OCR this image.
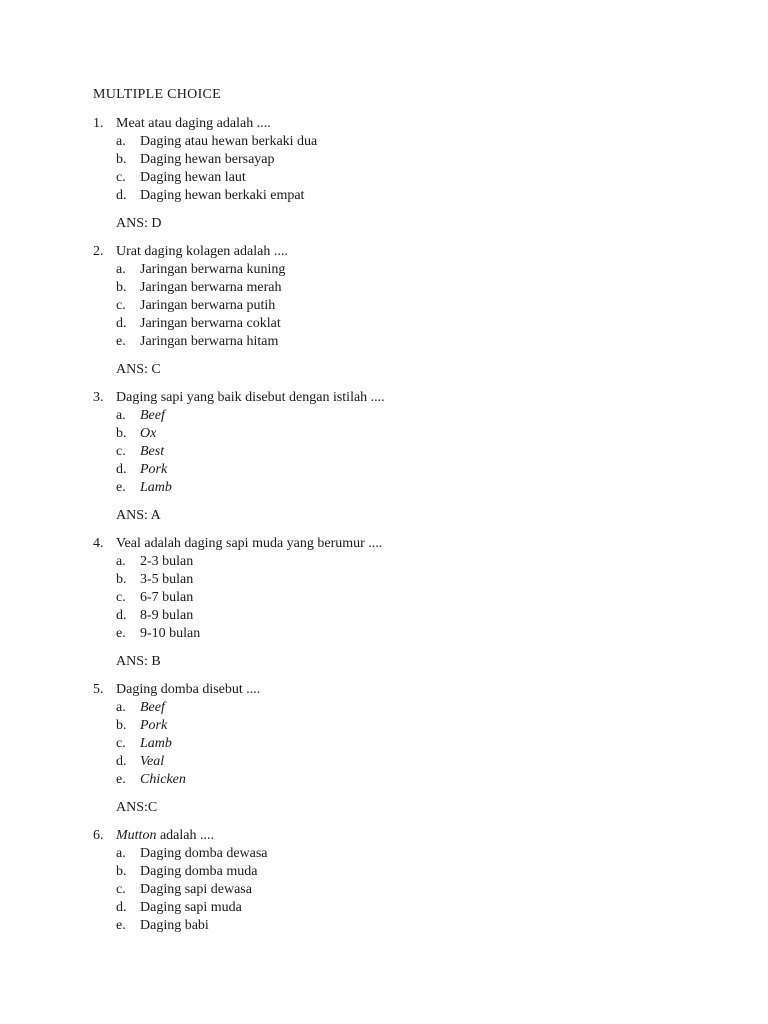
MULTIPLE CHOICE
1. Meat atau daging adalah ....
a. Daging atau hewan berkaki dua
b. Daging hewan bersayap
c. Daging hewan laut
d. Daging hewan berkaki empat
ANS: D
2. Urat daging kolagen adalah ....
a. Jaringan berwarna kuning
b. Jaringan berwarna merah
c. Jaringan berwarna putih
d. Jaringan berwarna coklat
e. Jaringan berwarna hitam
ANS: C
3. Daging sapi yang baik disebut dengan istilah ....
a. Beef
b. Ox
c. Best
d. Pork
e. Lamb
ANS: A
4. Veal adalah daging sapi muda yang berumur ....
a. 2-3 bulan
b. 3-5 bulan
c. 6-7 bulan
d. 8-9 bulan
e. 9-10 bulan
ANS: B
5. Daging domba disebut ....
a. Beef
b. Pork
c. Lamb
d. Veal
e. Chicken
ANS:C
6. Mutton adalah ....
a. Daging domba dewasa
b. Daging domba muda
c. Daging sapi dewasa
d. Daging sapi muda
e. Daging babi
